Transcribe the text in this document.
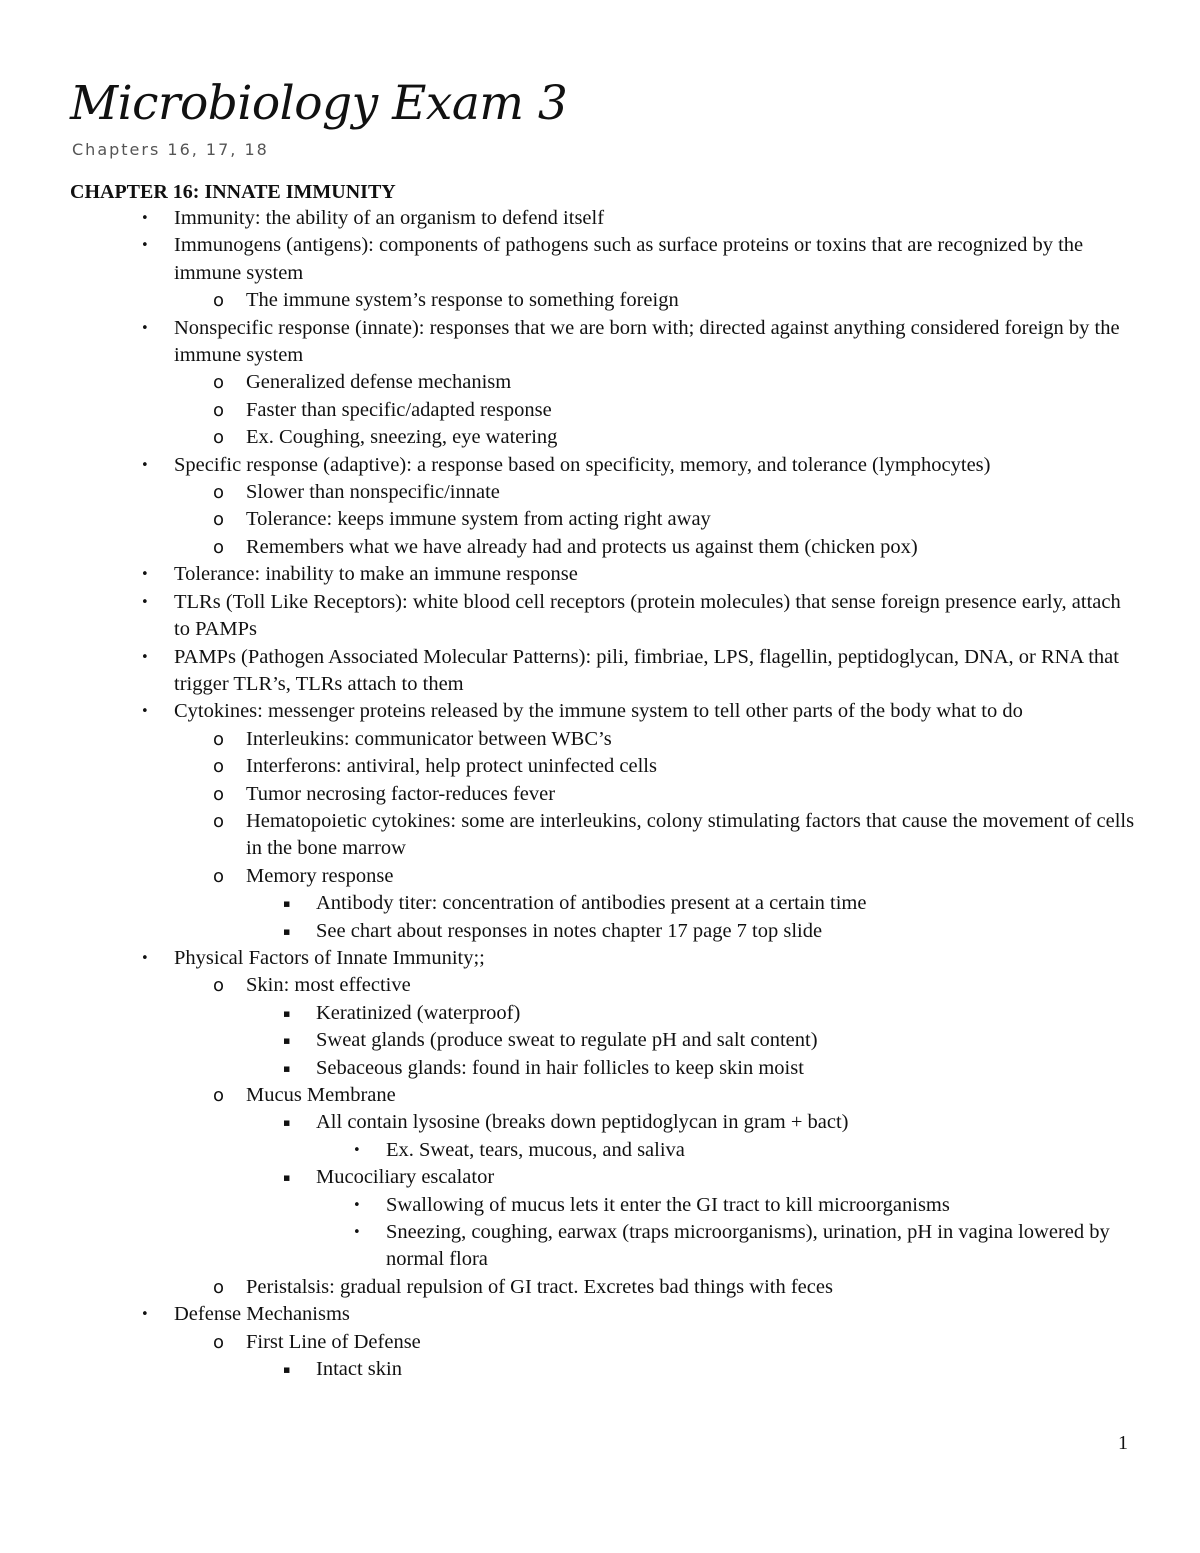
Microbiology Exam 3
Chapters 16, 17, 18
CHAPTER 16: INNATE IMMUNITY
•	Immunity: the ability of an organism to defend itself
•	Immunogens (antigens): components of pathogens such as surface proteins or toxins that are recognized by the immune system
o	The immune system’s response to something foreign
•	Nonspecific response (innate): responses that we are born with; directed against anything considered foreign by the immune system
o	Generalized defense mechanism
o	Faster than specific/adapted response
o	Ex. Coughing, sneezing, eye watering
•	Specific response (adaptive): a response based on specificity, memory, and tolerance (lymphocytes)
o	Slower than nonspecific/innate
o	Tolerance: keeps immune system from acting right away
o	Remembers what we have already had and protects us against them (chicken pox)
•	Tolerance: inability to make an immune response
•	TLRs (Toll Like Receptors): white blood cell receptors (protein molecules) that sense foreign presence early, attach to PAMPs
•	PAMPs (Pathogen Associated Molecular Patterns): pili, fimbriae, LPS, flagellin, peptidoglycan, DNA, or RNA that trigger TLR’s, TLRs attach to them
•	Cytokines: messenger proteins released by the immune system to tell other parts of the body what to do
o	Interleukins: communicator between WBC’s
o	Interferons: antiviral, help protect uninfected cells
o	Tumor necrosing factor-reduces fever
o	Hematopoietic cytokines: some are interleukins, colony stimulating factors that cause the movement of cells in the bone marrow
o	Memory response
▪	Antibody titer: concentration of antibodies present at a certain time
▪	See chart about responses in notes chapter 17 page 7 top slide
•	Physical Factors of Innate Immunity;;
o	Skin: most effective
▪	Keratinized (waterproof)
▪	Sweat glands (produce sweat to regulate pH and salt content)
▪	Sebaceous glands: found in hair follicles to keep skin moist
o	Mucus Membrane
▪	All contain lysosine (breaks down peptidoglycan in gram + bact)
•	Ex. Sweat, tears, mucous, and saliva
▪	Mucociliary escalator
•	Swallowing of mucus lets it enter the GI tract to kill microorganisms
•	Sneezing, coughing, earwax (traps microorganisms), urination, pH in vagina lowered by normal flora
o	Peristalsis: gradual repulsion of GI tract. Excretes bad things with feces
•	Defense Mechanisms
o	First Line of Defense
▪	Intact skin
1
